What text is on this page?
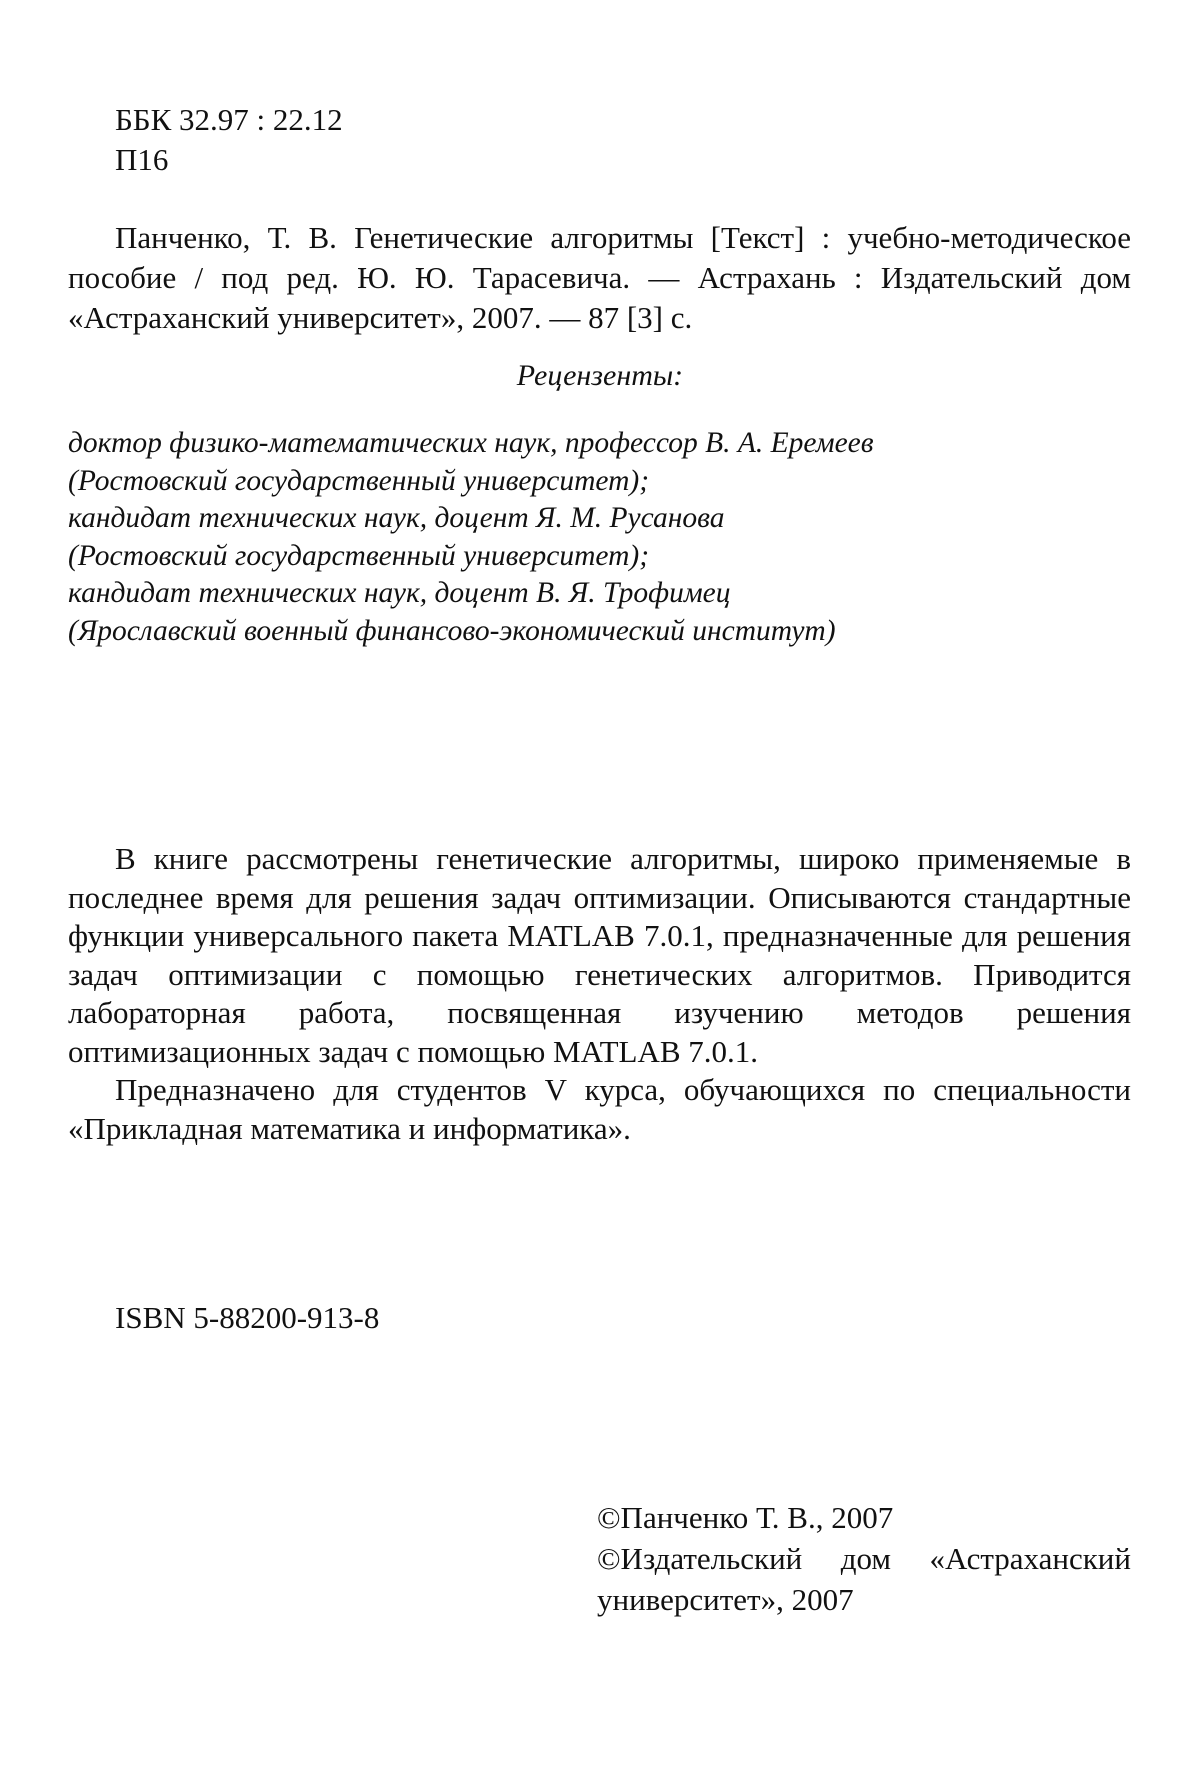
ББК 32.97 : 22.12
П16
Панченко, Т. В. Генетические алгоритмы [Текст] : учебно-методическое пособие / под ред. Ю. Ю. Тарасевича. — Астрахань : Издательский дом «Астраханский университет», 2007. — 87 [3] с.
Рецензенты:
доктор физико-математических наук, профессор В. А. Еремеев
(Ростовский государственный университет);
кандидат технических наук, доцент Я. М. Русанова
(Ростовский государственный университет);
кандидат технических наук, доцент В. Я. Трофимец
(Ярославский военный финансово-экономический институт)

В книге рассмотрены генетические алгоритмы, широко применяемые в последнее время для решения задач оптимизации. Описываются стандартные функции универсального пакета MATLAB 7.0.1, предназначенные для решения задач оптимизации с помощью генетических алгоритмов. Приводится лабораторная работа, посвященная изучению методов решения оптимизационных задач с помощью MATLAB 7.0.1.

Предназначено для студентов V курса, обучающихся по специальности «Прикладная математика и информатика».

ISBN 5-88200-913-8

©Панченко Т. В., 2007

©Издательский дом «Астраханский университет», 2007
